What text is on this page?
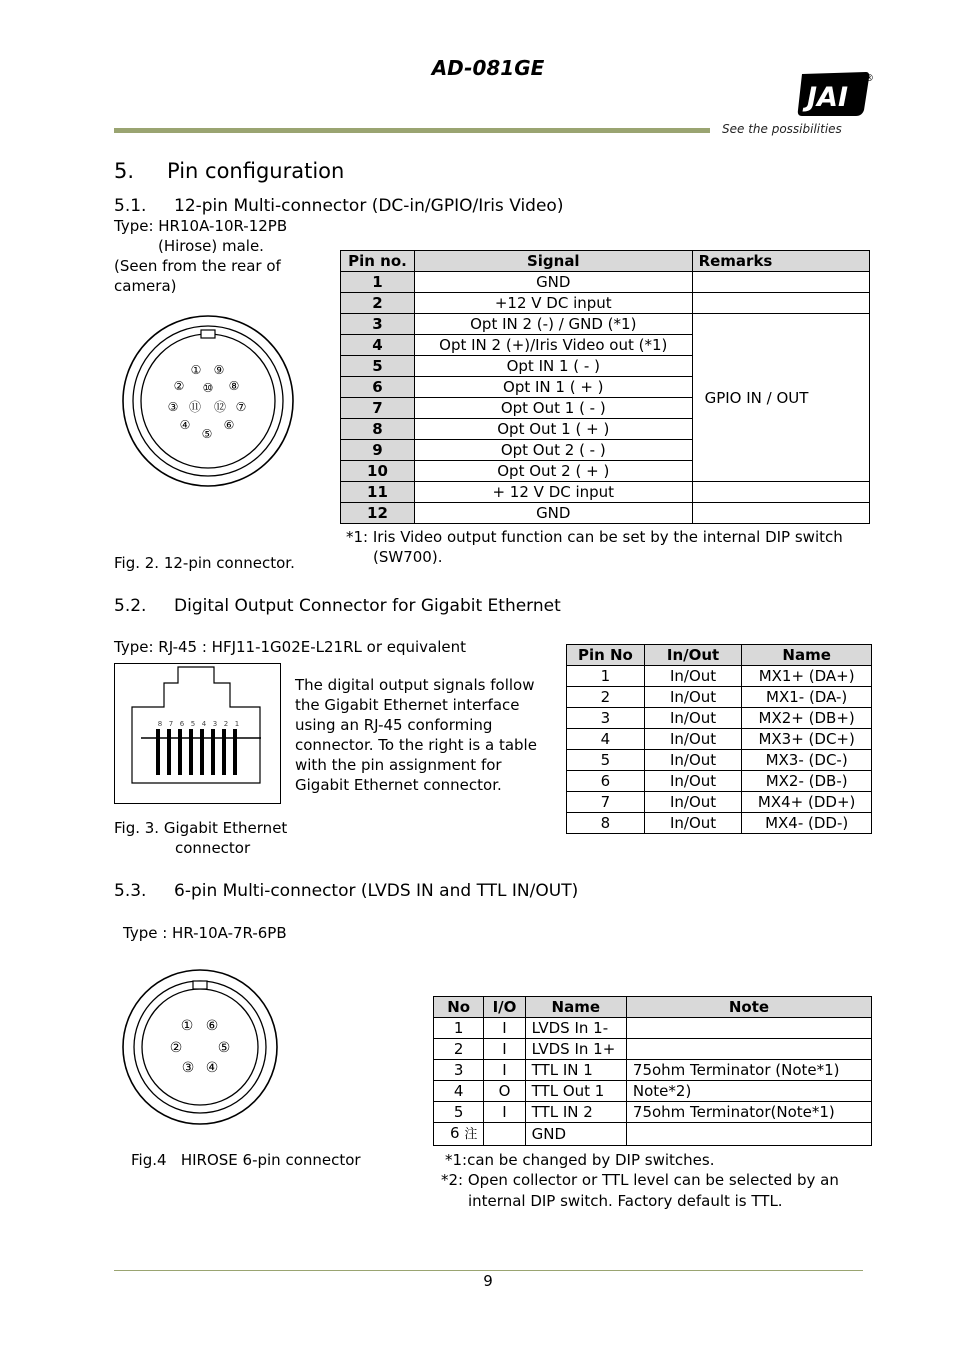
AD-081GE
JAI
®
See the possibilities
5. Pin configuration
5.1. 12-pin Multi-connector (DC-in/GPIO/Iris Video)
Type: HR10A-10R-12PB
(Hirose) male.
(Seen from the rear of
camera)
① ⑨
② ⑩ ⑧
③ ⑪ ⑫ ⑦
④
⑤
⑥
Fig. 2. 12-pin connector.
Pin no.	Signal	Remarks
1	GND	
2	+12 V DC input	
3	Opt IN 2 (-) / GND (*1)	GPIO IN / OUT
4	Opt IN 2 (+)/Iris Video out (*1)	
5	Opt IN 1 ( - )	
6	Opt IN 1 ( + )	
7	Opt Out 1 ( - )	
8	Opt Out 1 ( + )	
9	Opt Out 2 ( - )	
10	Opt Out 2 ( + )	
11	+ 12 V DC input	
12	GND	
*1: Iris Video output function can be set by the internal DIP switch
(SW700).
5.2. Digital Output Connector for Gigabit Ethernet
Type: RJ-45 : HFJ11-1G02E-L21RL or equivalent
8 7 6 5 4 3 2 1
The digital output signals follow
the Gigabit Ethernet interface
using an RJ-45 conforming
connector. To the right is a table
with the pin assignment for
Gigabit Ethernet connector.
Fig. 3. Gigabit Ethernet
connector
Pin No	In/Out	Name
1	In/Out	MX1+ (DA+)
2	In/Out	MX1- (DA-)
3	In/Out	MX2+ (DB+)
4	In/Out	MX3+ (DC+)
5	In/Out	MX3- (DC-)
6	In/Out	MX2- (DB-)
7	In/Out	MX4+ (DD+)
8	In/Out	MX4- (DD-)
5.3. 6-pin Multi-connector (LVDS IN and TTL IN/OUT)
Type : HR-10A-7R-6PB
① ⑥
②	⑤
③ ④
Fig.4   HIROSE 6-pin connector
No	I/O	Name	Note
1	I	LVDS In 1-	
2	I	LVDS In 1+	
3	I	TTL IN 1	75ohm Terminator (Note*1)
4	O	TTL Out 1	Note*2)
5	I	TTL IN 2	75ohm Terminator(Note*1)
6 注		GND	
*1:can be changed by DIP switches.
*2: Open collector or TTL level can be selected by an
internal DIP switch. Factory default is TTL.
9
